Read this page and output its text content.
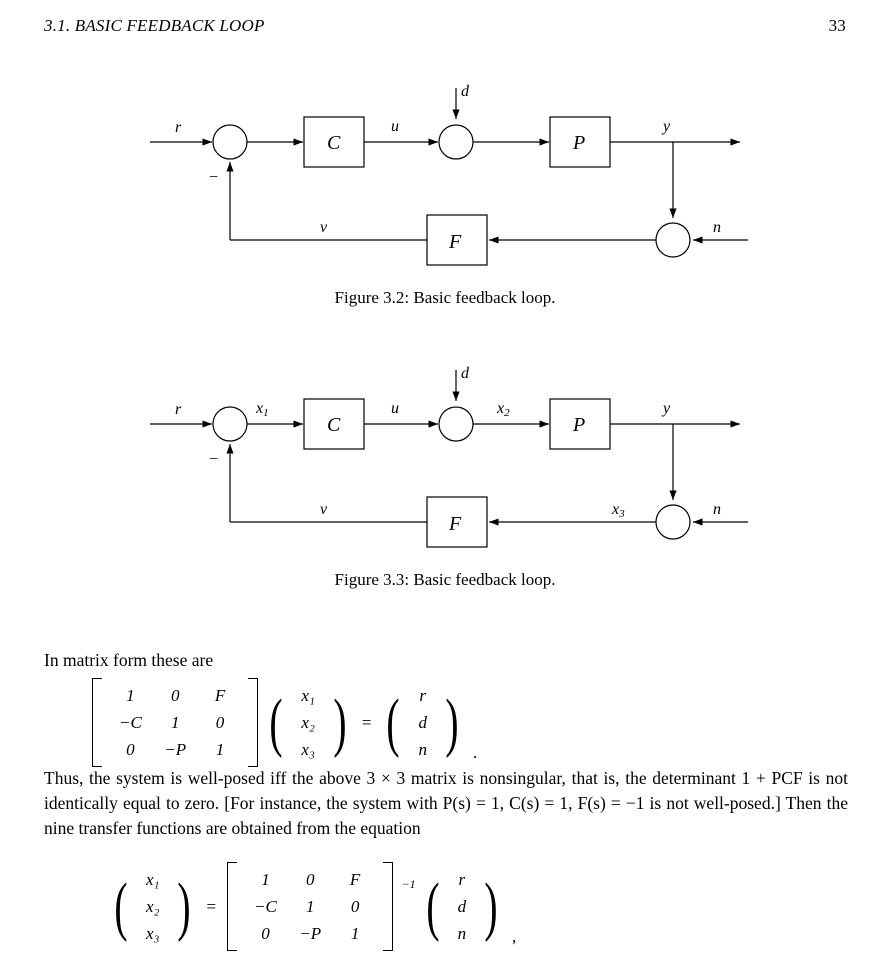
3.1. BASIC FEEDBACK LOOP	33
r
d
u	y
n
v
−
C	P
F
Figure 3.2: Basic feedback loop.
r
d
u	y
n
v
−
x1	x2
x3
C	P
F
Figure 3.3: Basic feedback loop.
In matrix form these are
1	0	F
−C	1	0
0	−P	1 (	x₁
x₂
x₃ ) = (	r
d
n ) .
Thus, the system is well-posed iff the above 3 × 3 matrix is nonsingular, that is, the determinant 1 + PCF is not identically equal to zero. [For instance, the system with P(s) = 1, C(s) = 1, F(s) = −1 is not well-posed.] Then the nine transfer functions are obtained from the equation
(	x₁
x₂
x₃ ) =
1	0	F
−C	1	0
0	−P	1
−1 (	r
d
n ) ,
